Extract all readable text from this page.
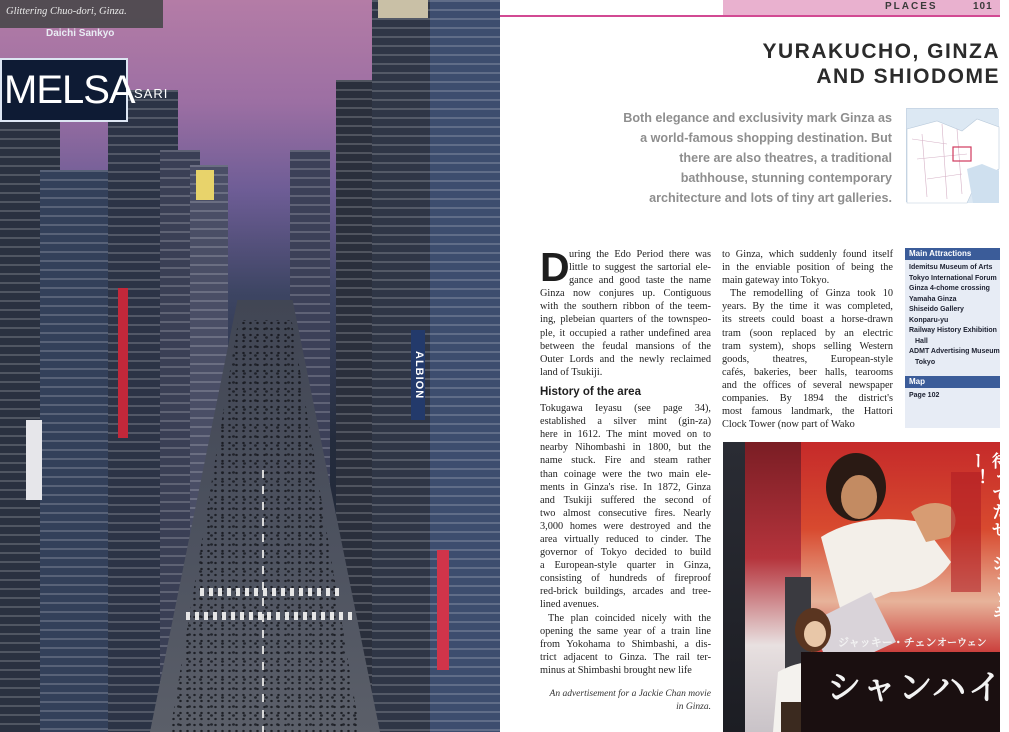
ALBION
Glittering Chuo-dori, Ginza.
Daichi Sankyo
MELSA SARI
PLACES	101
YURAKUCHO, GINZA
AND SHIODOME
Both elegance and exclusivity mark Ginza as
a world-famous shopping destination. But
there are also theatres, a traditional
bathhouse, stunning contemporary
architecture and lots of tiny art galleries.

D uring the Edo Period there was
little to suggest the sartorial ele-
gance and good taste the name
Ginza now conjures up. Contiguous
with the southern ribbon of the teem-
ing, plebeian quarters of the townspeo-
ple, it occupied a rather undefined area
between the feudal mansions of the
Outer Lords and the newly reclaimed
land of Tsukiji.

History of the area

Tokugawa Ieyasu (see page 34),
established a silver mint (gin-za)
here in 1612. The mint moved on to
nearby Nihombashi in 1800, but the
name stuck. Fire and steam rather
than coinage were the two main ele-
ments in Ginza's rise. In 1872, Ginza
and Tsukiji suffered the second of
two almost consecutive fires. Nearly
3,000 homes were destroyed and the
area virtually reduced to cinder. The
governor of Tokyo decided to build
a European-style quarter in Ginza,
consisting of hundreds of fireproof
red-brick buildings, arcades and tree-
lined avenues.

The plan coincided nicely with the
opening the same year of a train line
from Yokohama to Shimbashi, a dis-
trict adjacent to Ginza. The rail ter-
minus at Shimbashi brought new life

An advertisement for a Jackie Chan movie
in Ginza.

to Ginza, which suddenly found itself
in the enviable position of being the
main gateway into Tokyo.

The remodelling of Ginza took 10
years. By the time it was completed,
its streets could boast a horse-drawn
tram (soon replaced by an electric
tram system), shops selling Western
goods, theatres, European-style
cafés, bakeries, beer halls, tearooms
and the offices of several newspaper
companies. By 1894 the district's
most famous landmark, the Hattori
Clock Tower (now part of Wako

Main Attractions
Idemitsu Museum of Arts
Tokyo International Forum
Ginza 4-chome crossing
Yamaha Ginza
Shiseido Gallery
Konparu-yu
Railway History Exhibition
Hall
ADMT Advertising Museum
Tokyo
Map
Page 102
待ってたぜ、ジャッキー！
ジャッキー・チェン オーウェン
シャンハイ
